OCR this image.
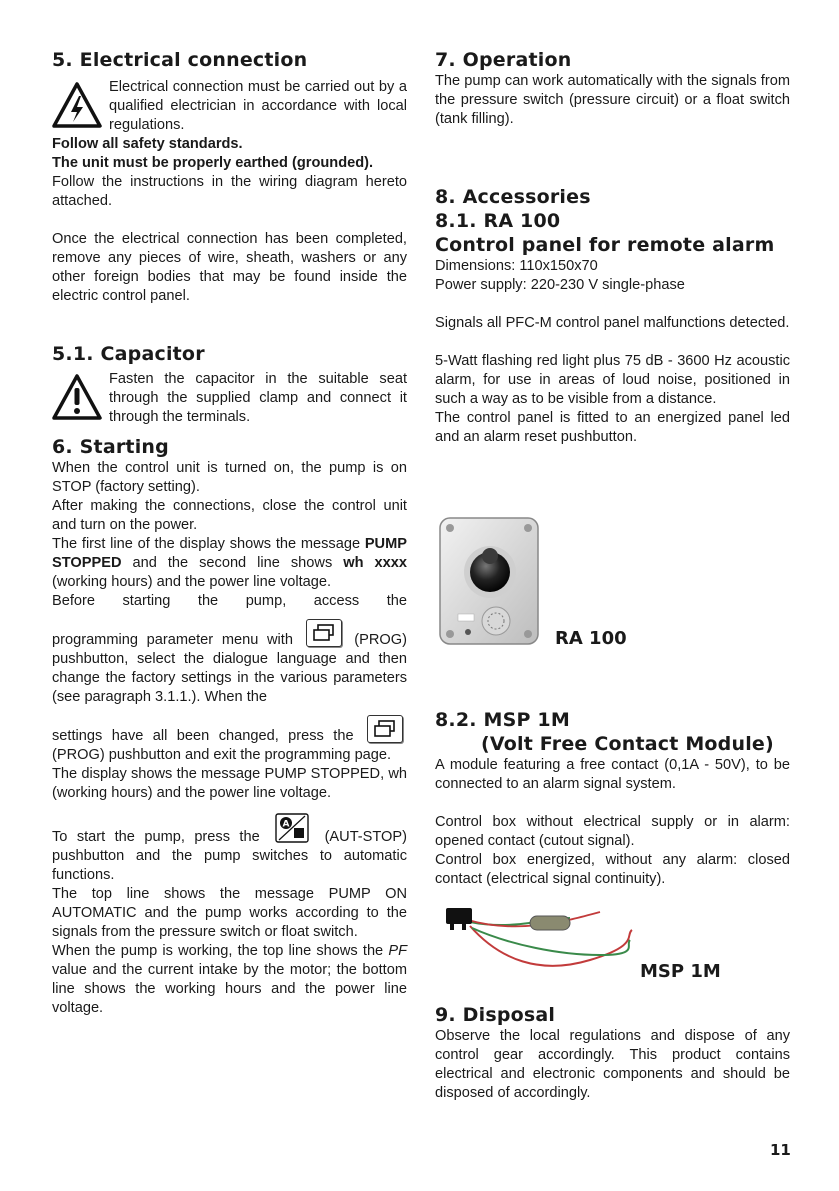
5. Electrical connection

Electrical connection must be carried out by a qualified electrician in accordance with local regulations.

Follow all safety standards.

The unit must be properly earthed (grounded).

Follow the instructions in the wiring diagram hereto attached.

Once the electrical connection has been completed, remove any pieces of wire, sheath, washers or any other foreign bodies that may be found inside the electric control panel.

5.1. Capacitor

Fasten the capacitor in the suitable seat through the supplied clamp and connect it through the terminals.

6. Starting

When the control unit is turned on, the pump is on STOP (factory setting).

After making the connections, close the control unit and turn on the power.

The first line of the display shows the message PUMP STOPPED and the second line shows wh xxxx (working hours) and the power line voltage.

Before starting the pump, access the

programming parameter menu with	(PROG) pushbutton, select the dialogue language and then change the factory settings in the various parameters (see paragraph 3.1.1.). When the

settings have all been changed, press the
(PROG) pushbutton and exit the programming page.

The display shows the message PUMP STOPPED, wh (working hours) and the power line voltage.

To start the pump, press the
A
(AUT-STOP) pushbutton and the pump switches to automatic functions.

The top line shows the message PUMP ON AUTOMATIC and the pump works according to the signals from the pressure switch or float switch.

When the pump is working, the top line shows the PF value and the current intake by the motor; the bottom line shows the working hours and the power line voltage.

7. Operation

The pump can work automatically with the signals from the pressure switch (pressure circuit) or a float switch (tank filling).

8. Accessories
8.1. RA 100
Control panel for remote alarm

Dimensions: 110x150x70

Power supply: 220-230 V single-phase

Signals all PFC-M control panel malfunctions detected.

5-Watt flashing red light plus 75 dB - 3600 Hz acoustic alarm, for use in areas of loud noise, positioned in such a way as to be visible from a distance.

The control panel is fitted to an energized panel led and an alarm reset pushbutton.

RA 100
8.2. MSP 1M
(Volt Free Contact Module)

A module featuring a free contact (0,1A - 50V), to be connected to an alarm signal system.

Control box without electrical supply or in alarm: opened contact (cutout signal).

Control box energized, without any alarm: closed contact (electrical signal continuity).

MSP 1M
9. Disposal

Observe the local regulations and dispose of any control gear accordingly. This product contains electrical and electronic components and should be disposed of accordingly.

11
